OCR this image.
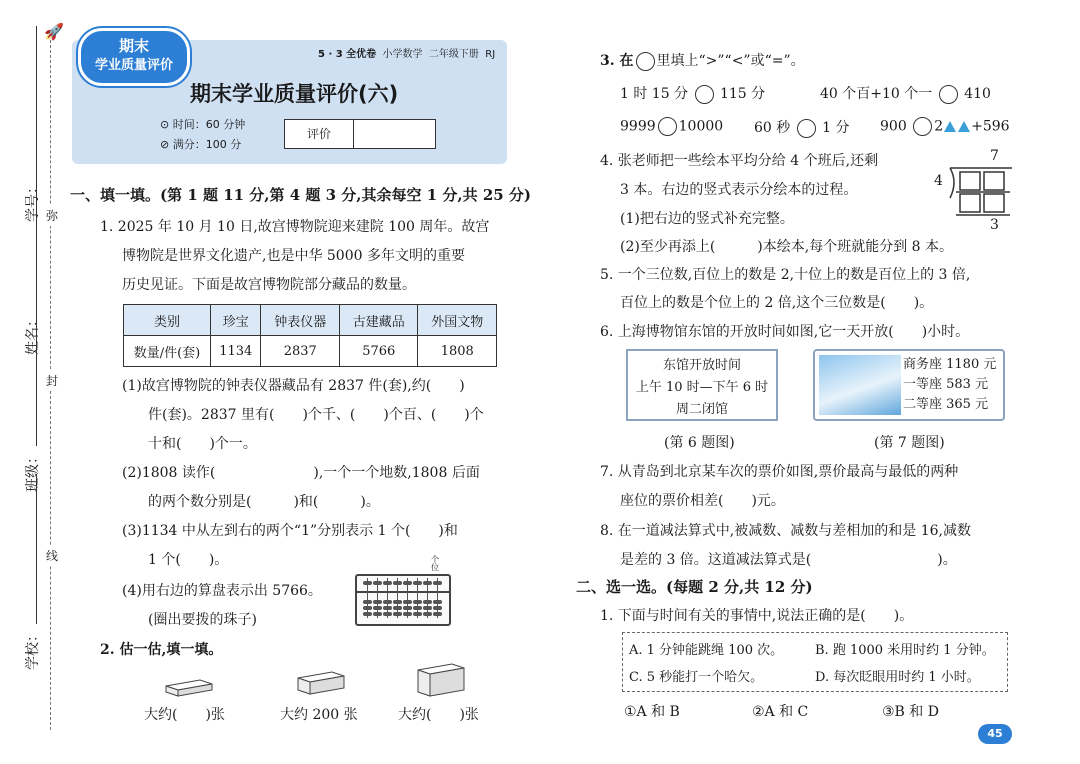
🚀
弥
封
线
学号：
姓名：
班级：
学校：
5 · 3 全优卷 小学数学 二年级下册 RJ
期末
学业质量评价
期末学业质量评价(六)
⊙ 时间：60 分钟
⊘ 满分：100 分
评价
一、填一填。(第 1 题 11 分,第 4 题 3 分,其余每空 1 分,共 25 分)
1. 2025 年 10 月 10 日,故宫博物院迎来建院 100 周年。故宫
博物院是世界文化遗产,也是中华 5000 多年文明的重要
历史见证。下面是故宫博物院部分藏品的数量。
类别	珍宝	钟表仪器	古建藏品	外国文物
数量/件(套)	1134	2837	5766	1808
(1)故宫博物院的钟表仪器藏品有 2837 件(套),约(　　)
件(套)。2837 里有(　　)个千、(　　)个百、(　　)个
十和(　　)个一。
(2)1808 读作(　　　　　　　),一个一个地数,1808 后面
的两个数分别是(　　　)和(　　　)。
(3)1134 中从左到右的两个“1”分别表示 1 个(　　)和
1 个(　　)。
(4)用右边的算盘表示出 5766。
(圈出要拨的珠子)
个位
2. 估一估,填一填。
大约(　　)张	大约 200 张	大约(　　)张
3. 在 里填上“>”“<”或“=”。
1 时 15 分 115 分	40 个百+10 个一 410
9999 10000 60 秒 1 分 900 2 +596
4. 张老师把一些绘本平均分给 4 个班后,还剩
3 本。右边的竖式表示分绘本的过程。
(1)把右边的竖式补充完整。
(2)至少再添上(　　　)本绘本,每个班就能分到 8 本。
7
4
3
5. 一个三位数,百位上的数是 2,十位上的数是百位上的 3 倍,
百位上的数是个位上的 2 倍,这个三位数是(　　)。
6. 上海博物馆东馆的开放时间如图,它一天开放(　　)小时。
东馆开放时间
上午 10 时—下午 6 时
周二闭馆
商务座 1180 元
一等座 583 元
二等座 365 元
(第 6 题图)	(第 7 题图)
7. 从青岛到北京某车次的票价如图,票价最高与最低的两种
座位的票价相差(　　)元。
8. 在一道减法算式中,被减数、减数与差相加的和是 16,减数
是差的 3 倍。这道减法算式是(　　　　　　　　　)。
二、选一选。(每题 2 分,共 12 分)
1. 下面与时间有关的事情中,说法正确的是(　　)。
A. 1 分钟能跳绳 100 次。 B. 跑 1000 米用时约 1 分钟。
C. 5 秒能打一个哈欠。	D. 每次眨眼用时约 1 小时。
①A 和 B	②A 和 C	③B 和 D
45
